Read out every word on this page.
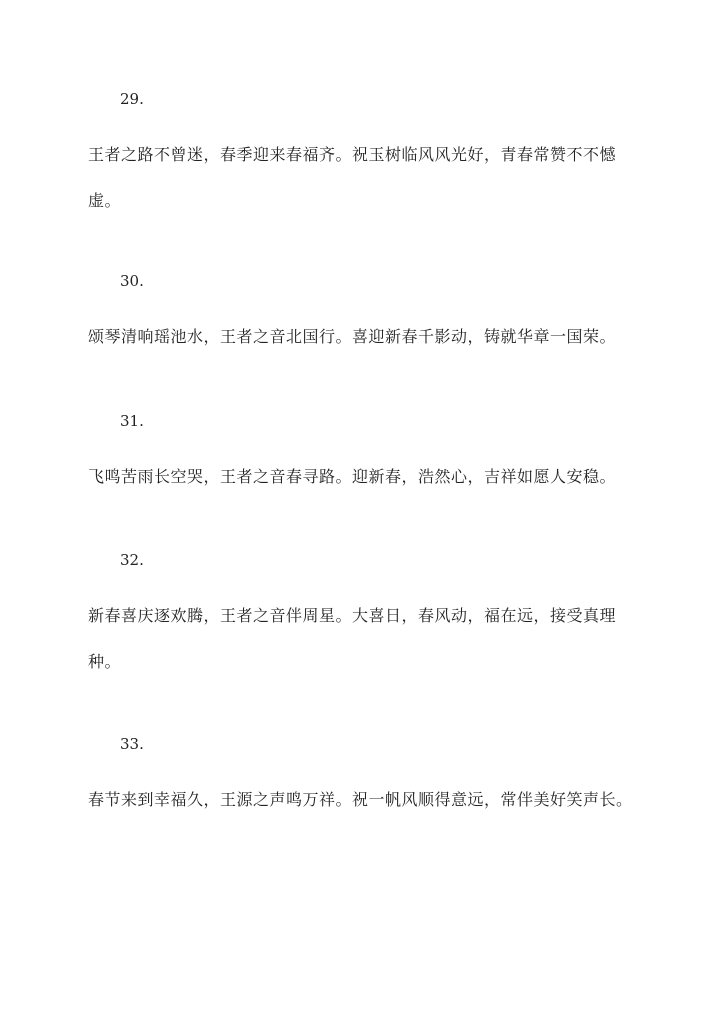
29.
王者之路不曾迷，春季迎来春福齐。祝玉树临风风光好，青春常赞不不憾虚。
30.
颂琴清响瑶池水，王者之音北国行。喜迎新春千影动，铸就华章一国荣。
31.
飞鸣苦雨长空哭，王者之音春寻路。迎新春，浩然心，吉祥如愿人安稳。
32.
新春喜庆逐欢腾，王者之音伴周星。大喜日，春风动，福在远，接受真理种。
33.
春节来到幸福久，王源之声鸣万祥。祝一帆风顺得意远，常伴美好笑声长。
